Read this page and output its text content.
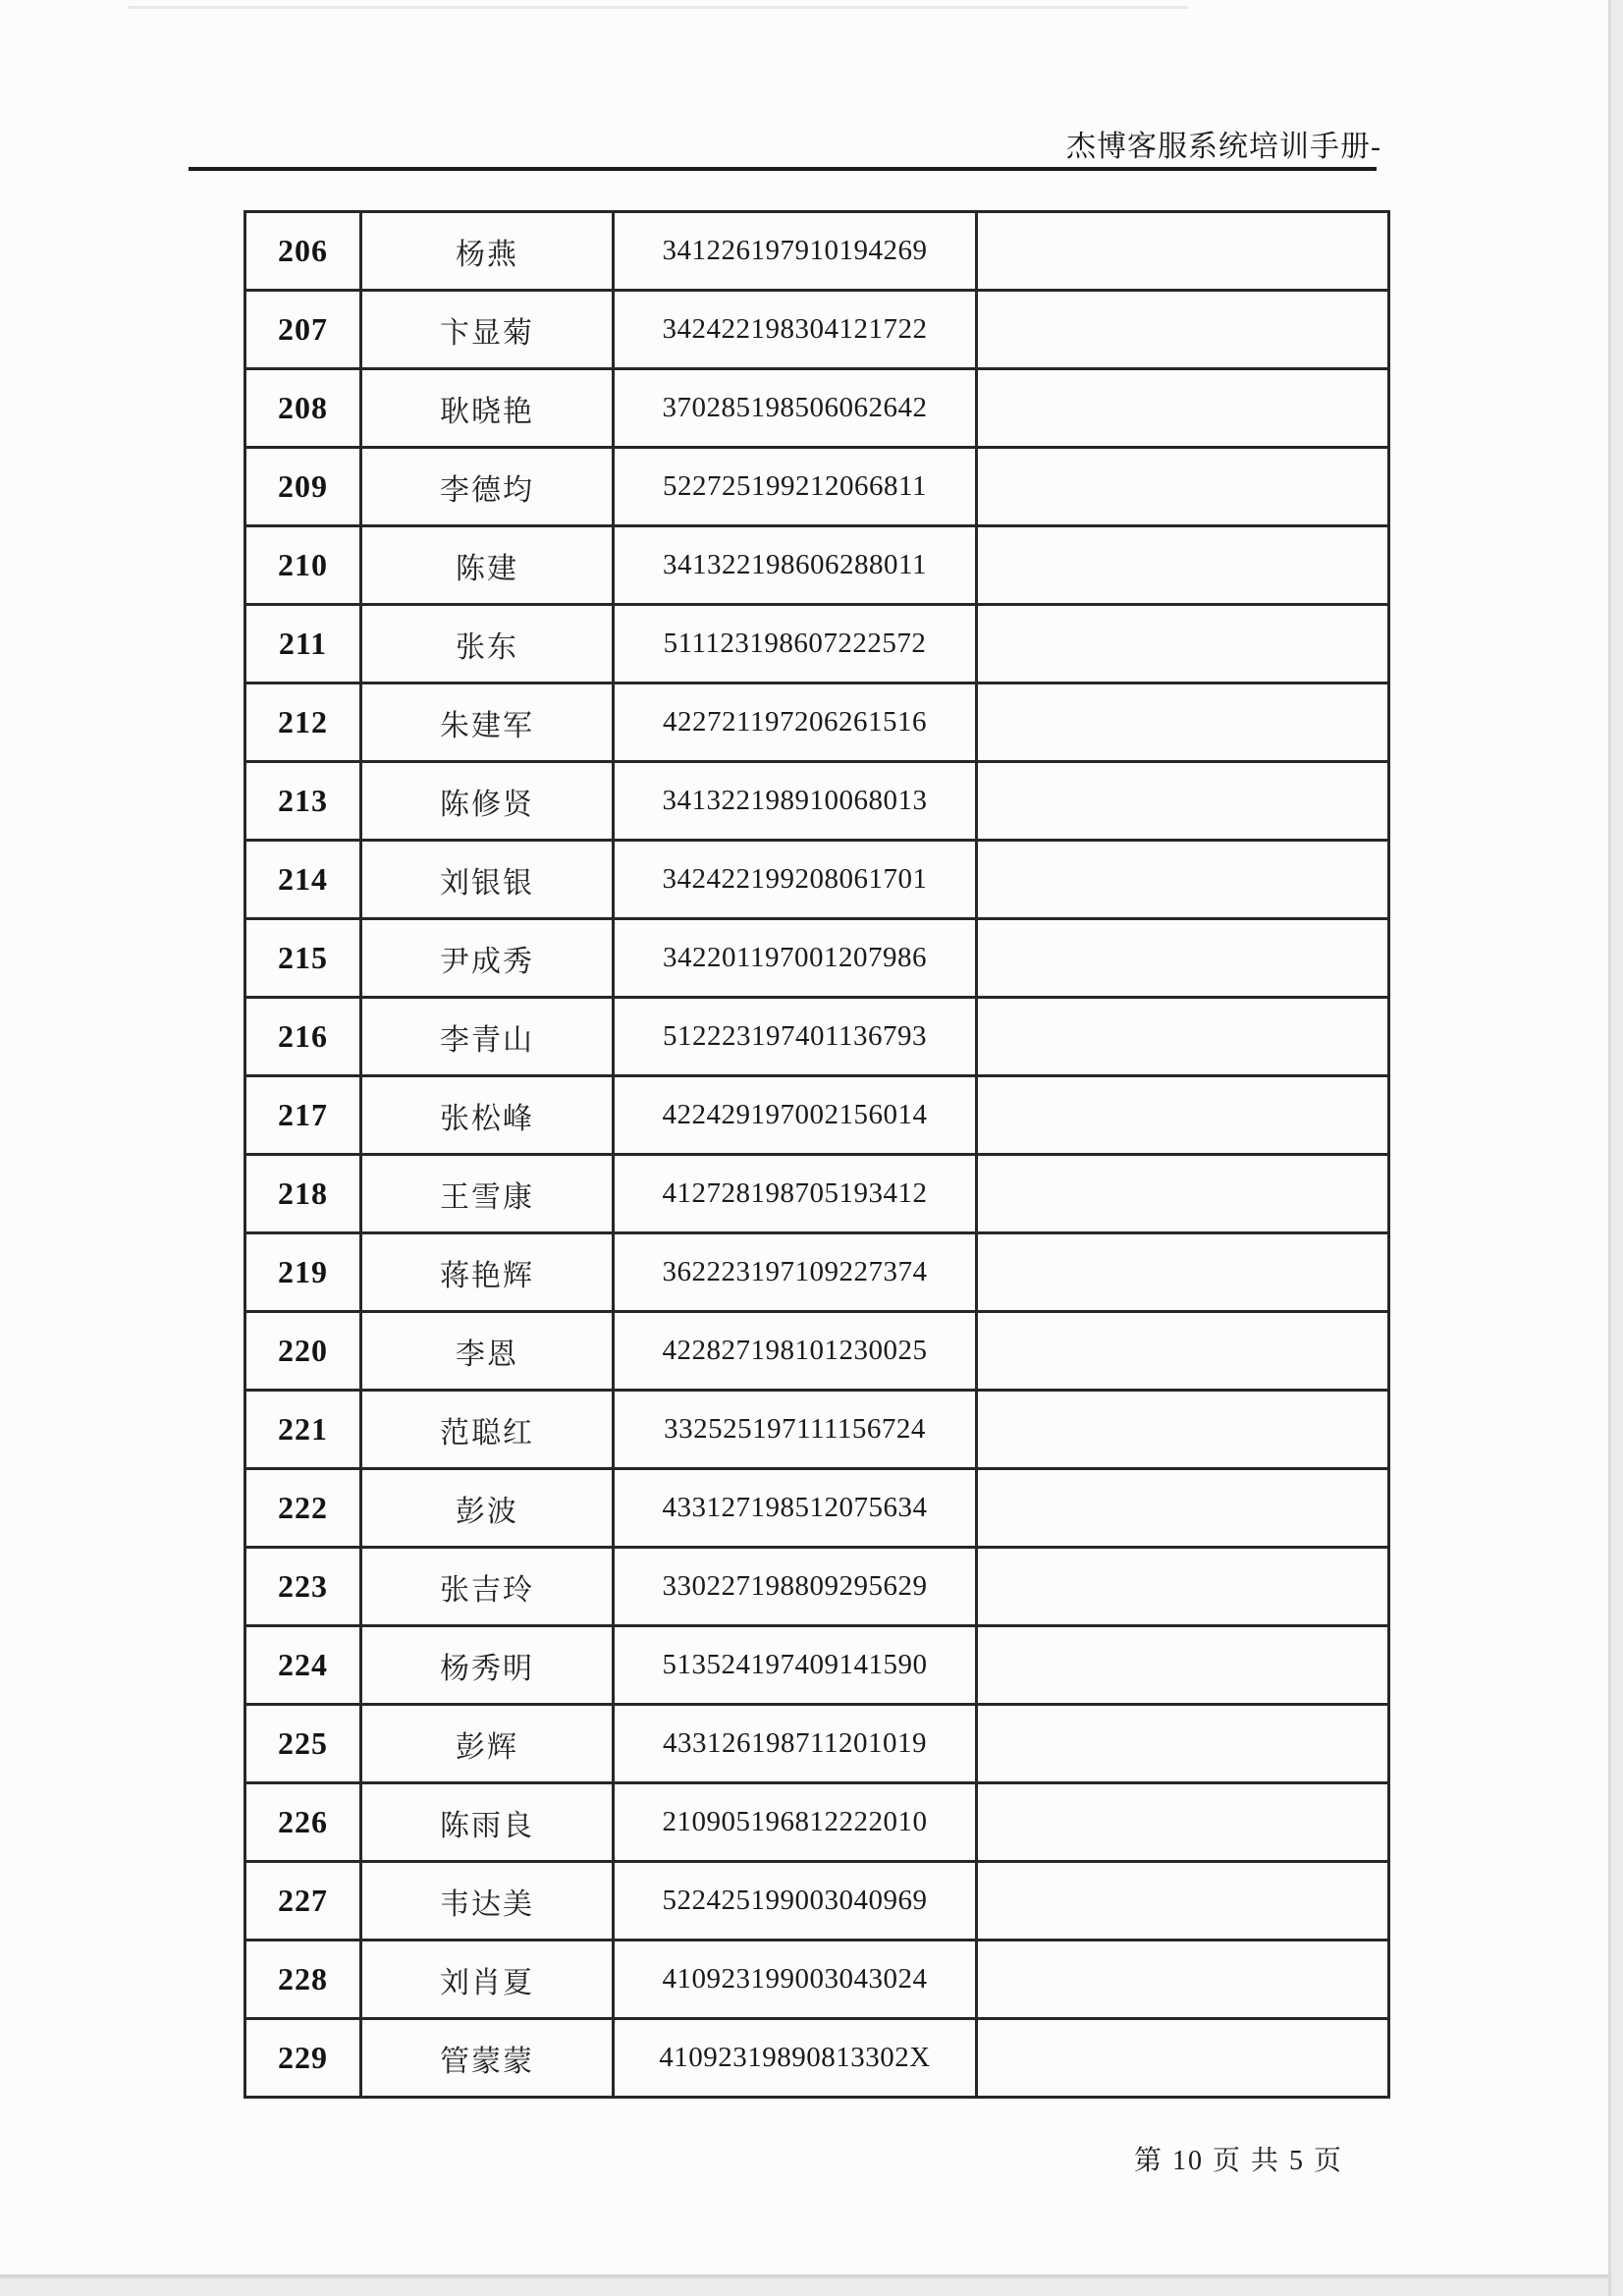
杰博客服系统培训手册-
206	杨燕	341226197910194269	
207	卞显菊	342422198304121722	
208	耿晓艳	370285198506062642	
209	李德均	522725199212066811	
210	陈建	341322198606288011	
211	张东	511123198607222572	
212	朱建军	422721197206261516	
213	陈修贤	341322198910068013	
214	刘银银	342422199208061701	
215	尹成秀	342201197001207986	
216	李青山	512223197401136793	
217	张松峰	422429197002156014	
218	王雪康	412728198705193412	
219	蒋艳辉	362223197109227374	
220	李恩	422827198101230025	
221	范聪红	332525197111156724	
222	彭波	433127198512075634	
223	张吉玲	330227198809295629	
224	杨秀明	513524197409141590	
225	彭辉	433126198711201019	
226	陈雨良	210905196812222010	
227	韦达美	522425199003040969	
228	刘肖夏	410923199003043024	
229	管蒙蒙	41092319890813302X	
第 10 页 共 5 页
